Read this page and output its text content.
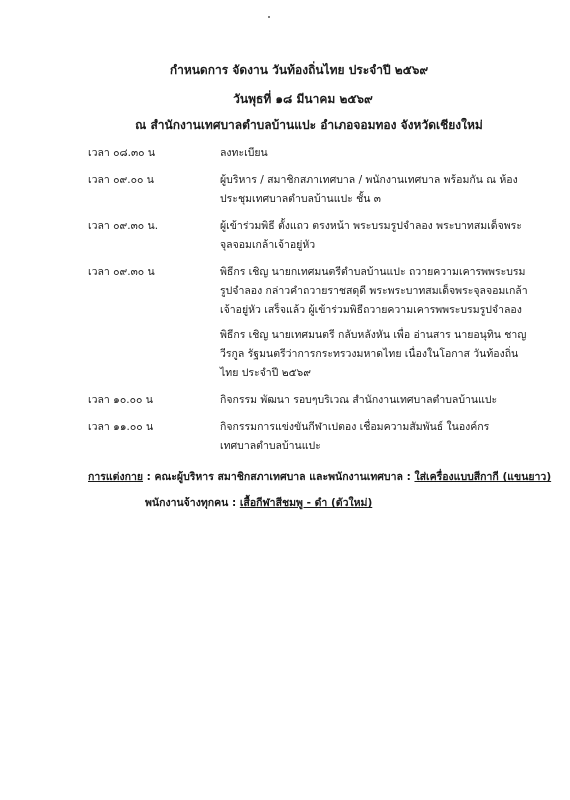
กำหนดการ จัดงาน วันท้องถิ่นไทย ประจำปี ๒๕๖๙
วันพุธที่ ๑๘ มีนาคม ๒๕๖๙
ณ สำนักงานเทศบาลตำบลบ้านแปะ อำเภอจอมทอง จังหวัดเชียงใหม่
เวลา ๐๘.๓๐ น	ลงทะเบียน

เวลา ๐๙.๐๐ น	ผู้บริหาร / สมาชิกสภาเทศบาล / พนักงานเทศบาล พร้อมกัน ณ ห้องประชุมเทศบาลตำบลบ้านแปะ ชั้น ๓

เวลา ๐๙.๓๐ น.	ผู้เข้าร่วมพิธี ตั้งแถว ตรงหน้า พระบรมรูปจำลอง พระบาทสมเด็จพระจุลจอมเกล้าเจ้าอยู่หัว

เวลา ๐๙.๓๐ น	พิธีกร เชิญ นายกเทศมนตรีตำบลบ้านแปะ ถวายความเคารพพระบรมรูปจำลอง กล่าวคำถวายราชสดุดี พระพระบาทสมเด็จพระจุลจอมเกล้าเจ้าอยู่หัว เสร็จแล้ว ผู้เข้าร่วมพิธีถวายความเคารพพระบรมรูปจำลอง

พิธีกร เชิญ นายเทศมนตรี กลับหลังหัน เพื่อ อ่านสาร นายอนุทิน ชาญวีรกูล รัฐมนตรีว่าการกระทรวงมหาดไทย เนื่องในโอกาส วันท้องถิ่นไทย ประจำปี ๒๕๖๙

เวลา ๑๐.๐๐ น	กิจกรรม พัฒนา รอบๆบริเวณ สำนักงานเทศบาลตำบลบ้านแปะ

เวลา ๑๑.๐๐ น	กิจกรรมการแข่งขันกีฬาเปตอง เชื่อมความสัมพันธ์ ในองค์กร เทศบาลตำบลบ้านแปะ

การแต่งกาย : คณะผู้บริหาร สมาชิกสภาเทศบาล และพนักงานเทศบาล : ใส่เครื่องแบบสีกากี (แขนยาว)
พนักงานจ้างทุกคน : เสื้อกีฬาสีชมพู - ดำ (ตัวใหม่)
